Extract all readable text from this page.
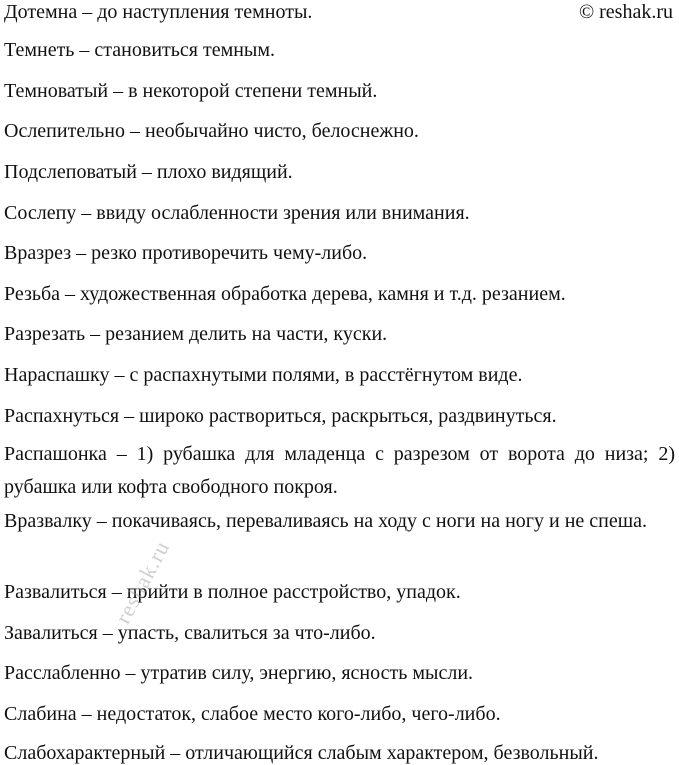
© reshak.ru
Дотемна – до наступления темноты.
Темнеть – становиться темным.
Темноватый – в некоторой степени темный.
Ослепительно – необычайно чисто, белоснежно.
Подслеповатый – плохо видящий.
Сослепу – ввиду ослабленности зрения или внимания.
Вразрез – резко противоречить чему-либо.
Резьба – художественная обработка дерева, камня и т.д. резанием.
Разрезать – резанием делить на части, куски.
Нараспашку – с распахнутыми полями, в расстёгнутом виде.
Распахнуться – широко раствориться, раскрыться, раздвинуться.
Распашонка – 1) рубашка для младенца с разрезом от ворота до низа; 2) рубашка или кофта свободного покроя.
Вразвалку – покачиваясь, переваливаясь на ходу с ноги на ногу и не спеша.
Развалиться – прийти в полное расстройство, упадок.
Завалиться – упасть, свалиться за что-либо.
Расслабленно – утратив силу, энергию, ясность мысли.
Слабина – недостаток, слабое место кого-либо, чего-либо.
Слабохарактерный – отличающийся слабым характером, безвольный.
reshak.ru
